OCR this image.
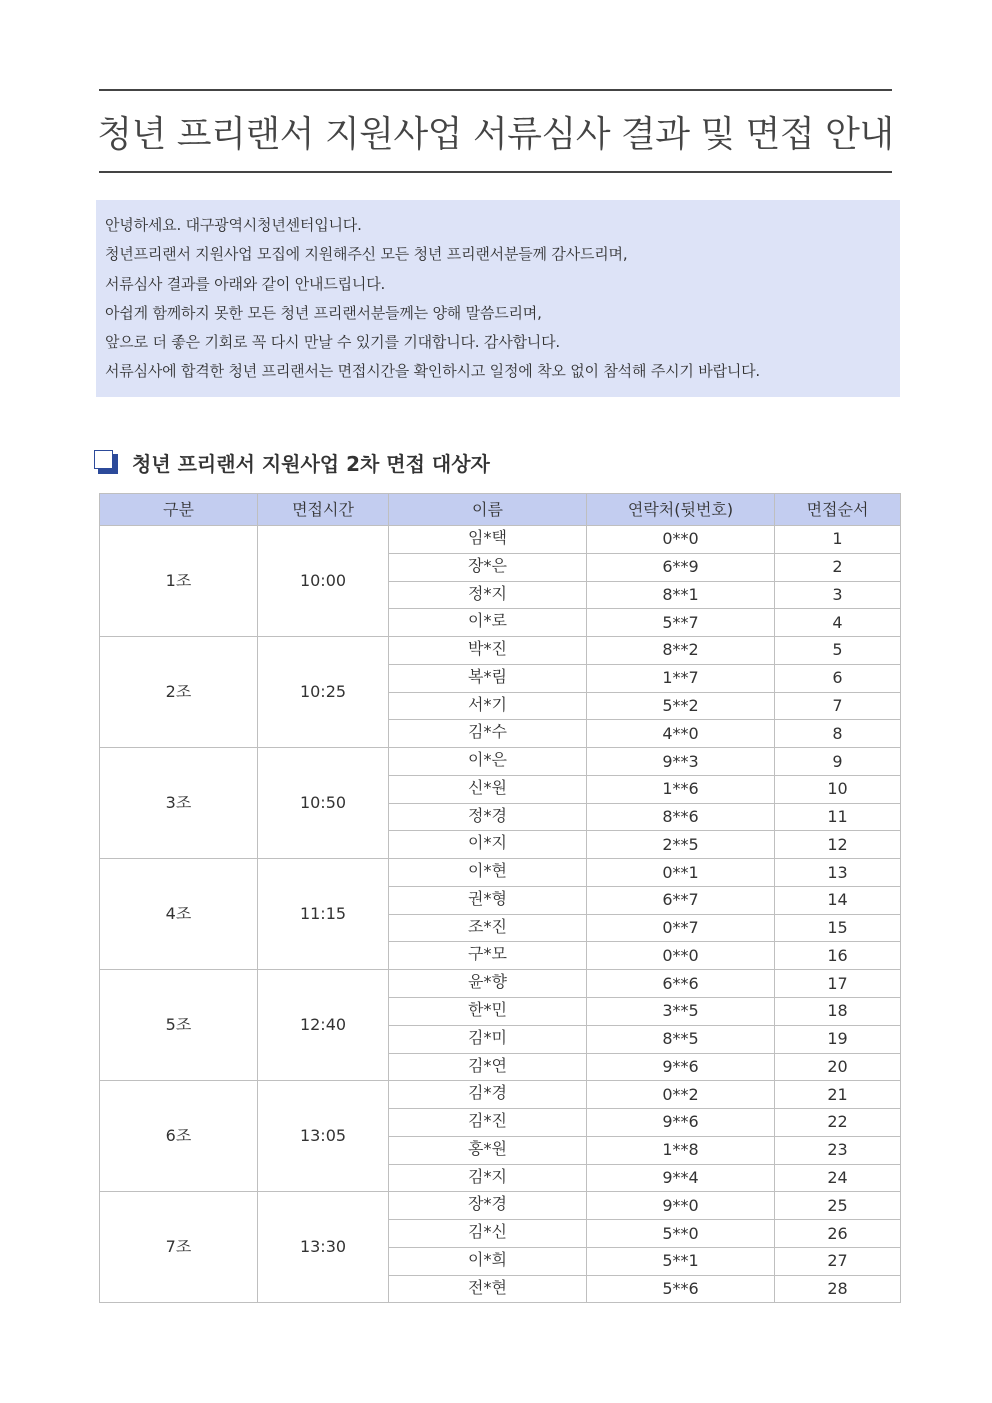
청년 프리랜서 지원사업 서류심사 결과 및 면접 안내

안녕하세요. 대구광역시청년센터입니다.

청년프리랜서 지원사업 모집에 지원해주신 모든 청년 프리랜서분들께 감사드리며,

서류심사 결과를 아래와 같이 안내드립니다.

아쉽게 함께하지 못한 모든 청년 프리랜서분들께는 양해 말씀드리며,

앞으로 더 좋은 기회로 꼭 다시 만날 수 있기를 기대합니다. 감사합니다.

서류심사에 합격한 청년 프리랜서는 면접시간을 확인하시고 일정에 착오 없이 참석해 주시기 바랍니다.

청년 프리랜서 지원사업 2차 면접 대상자
구분	면접시간	이름	연락처(뒷번호)	면접순서
1조	10:00	임*택	0**0	1
		장*은	6**9	2
		정*지	8**1	3
		이*로	5**7	4
2조	10:25	박*진	8**2	5
		복*림	1**7	6
		서*기	5**2	7
		김*수	4**0	8
3조	10:50	이*은	9**3	9
		신*원	1**6	10
		정*경	8**6	11
		이*지	2**5	12
4조	11:15	이*현	0**1	13
		권*형	6**7	14
		조*진	0**7	15
		구*모	0**0	16
5조	12:40	윤*향	6**6	17
		한*민	3**5	18
		김*미	8**5	19
		김*연	9**6	20
6조	13:05	김*경	0**2	21
		김*진	9**6	22
		홍*원	1**8	23
		김*지	9**4	24
7조	13:30	장*경	9**0	25
		김*신	5**0	26
		이*희	5**1	27
		전*현	5**6	28
